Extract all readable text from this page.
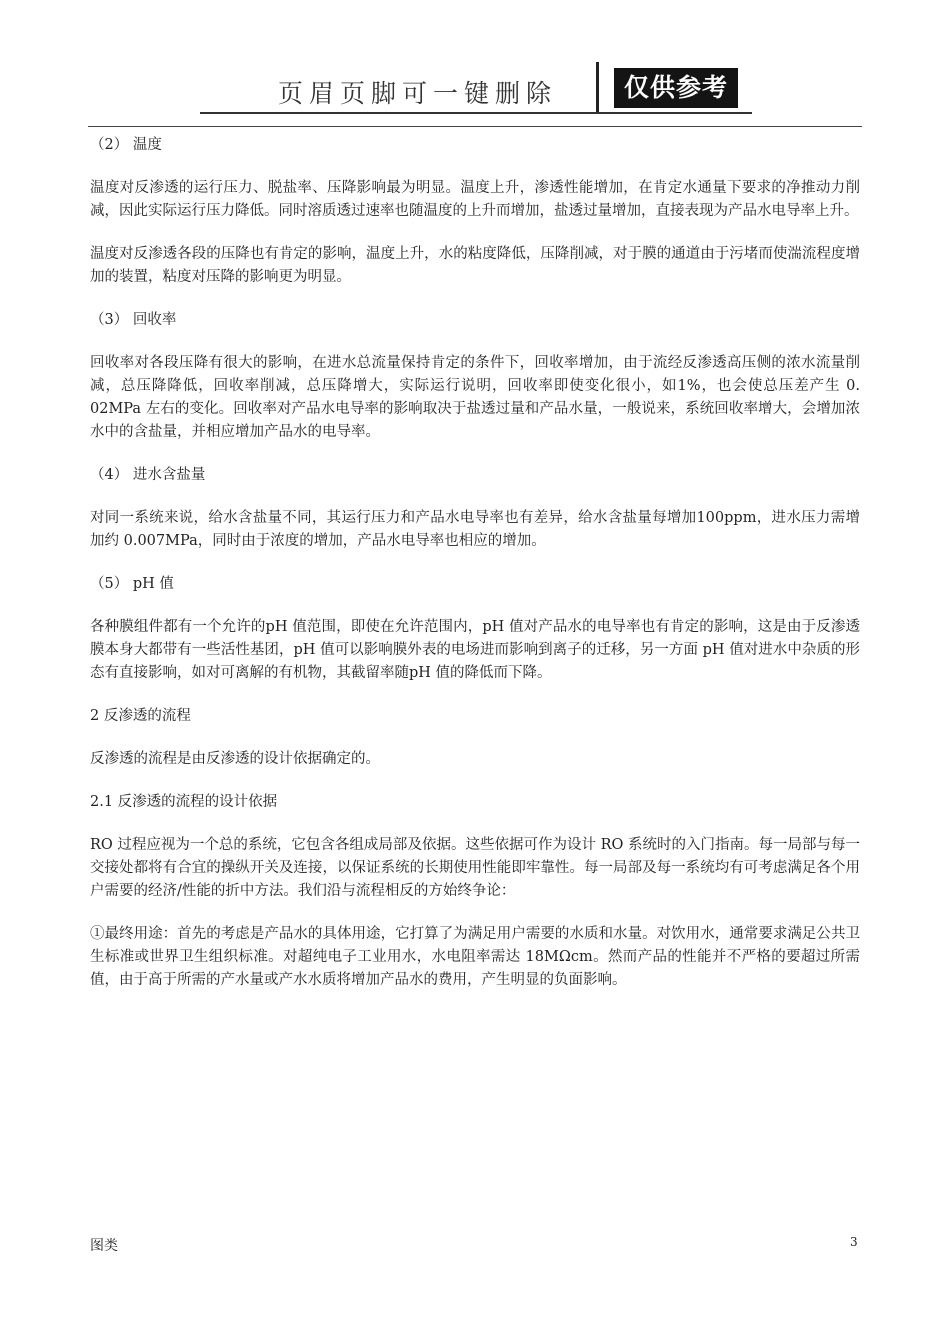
页眉页脚可一键删除	仅供参考
（2） 温度

温度对反渗透的运行压力、脱盐率、压降影响最为明显。温度上升，渗透性能增加，在肯定水通量下要求的净推动力削减，因此实际运行压力降低。同时溶质透过速率也随温度的上升而增加，盐透过量增加，直接表现为产品水电导率上升。

温度对反渗透各段的压降也有肯定的影响，温度上升，水的粘度降低，压降削减，对于膜的通道由于污堵而使湍流程度增加的装置，粘度对压降的影响更为明显。

（3） 回收率

回收率对各段压降有很大的影响，在进水总流量保持肯定的条件下，回收率增加，由于流经反渗透高压侧的浓水流量削减，总压降降低，回收率削减，总压降增大，实际运行说明，回收率即使变化很小，如1%，也会使总压差产生 0. 02MPa 左右的变化。回收率对产品水电导率的影响取决于盐透过量和产品水量，一般说来，系统回收率增大，会增加浓水中的含盐量，并相应增加产品水的电导率。

（4） 进水含盐量

对同一系统来说，给水含盐量不同，其运行压力和产品水电导率也有差异，给水含盐量每增加100ppm，进水压力需增加约 0.007MPa，同时由于浓度的增加，产品水电导率也相应的增加。

（5） pH 值

各种膜组件都有一个允许的pH 值范围，即使在允许范围内，pH 值对产品水的电导率也有肯定的影响，这是由于反渗透膜本身大都带有一些活性基团，pH 值可以影响膜外表的电场进而影响到离子的迁移，另一方面 pH 值对进水中杂质的形态有直接影响，如对可离解的有机物，其截留率随pH 值的降低而下降。

2 反渗透的流程

反渗透的流程是由反渗透的设计依据确定的。

2.1 反渗透的流程的设计依据

RO 过程应视为一个总的系统，它包含各组成局部及依据。这些依据可作为设计 RO 系统时的入门指南。每一局部与每一交接处都将有合宜的操纵开关及连接，以保证系统的长期使用性能即牢靠性。每一局部及每一系统均有可考虑满足各个用户需要的经济/性能的折中方法。我们沿与流程相反的方始终争论：

①最终用途：首先的考虑是产品水的具体用途，它打算了为满足用户需要的水质和水量。对饮用水，通常要求满足公共卫生标准或世界卫生组织标准。对超纯电子工业用水，水电阻率需达 18MΩcm。然而产品的性能并不严格的要超过所需值，由于高于所需的产水量或产水水质将增加产品水的费用，产生明显的负面影响。

图类	3
